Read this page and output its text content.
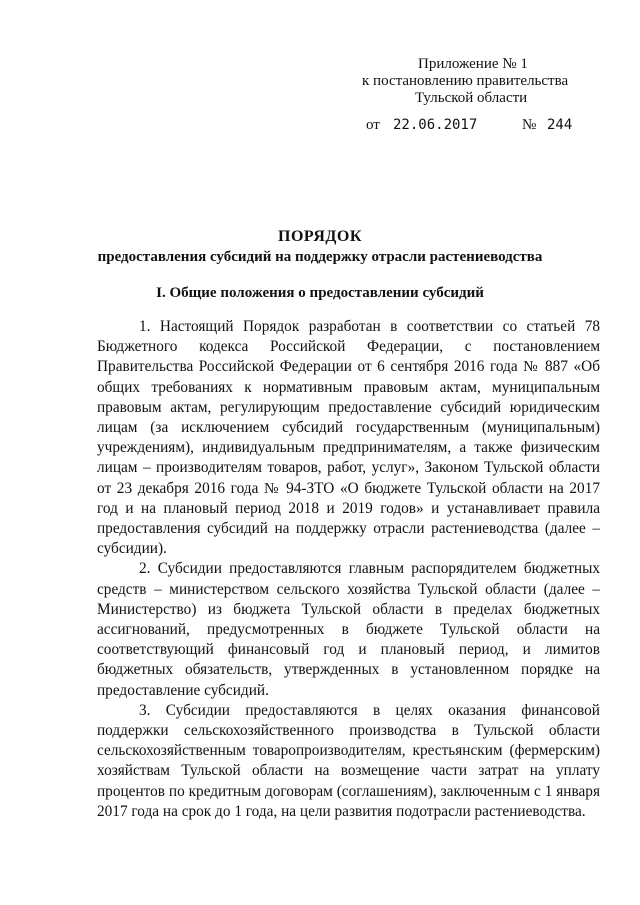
Приложение № 1
к постановлению правительства
Тульской области
от 22.06.2017	№ 244
ПОРЯДОК
предоставления субсидий на поддержку отрасли растениеводства
I. Общие положения о предоставлении субсидий

1. Настоящий Порядок разработан в соответствии со статьей 78 Бюджетного кодекса Российской Федерации, с постановлением Правительства Российской Федерации от 6 сентября 2016 года № 887 «Об общих требованиях к нормативным правовым актам, муниципальным правовым актам, регулирующим предоставление субсидий юридическим лицам (за исключением субсидий государственным (муниципальным) учреждениям), индивидуальным предпринимателям, а также физическим лицам – производителям товаров, работ, услуг», Законом Тульской области от 23 декабря 2016 года № 94-ЗТО «О бюджете Тульской области на 2017 год и на плановый период 2018 и 2019 годов» и устанавливает правила предоставления субсидий на поддержку отрасли растениеводства (далее – субсидии).

2. Субсидии предоставляются главным распорядителем бюджетных средств – министерством сельского хозяйства Тульской области (далее – Министерство) из бюджета Тульской области в пределах бюджетных ассигнований, предусмотренных в бюджете Тульской области на соответствующий финансовый год и плановый период, и лимитов бюджетных обязательств, утвержденных в установленном порядке на предоставление субсидий.

3. Субсидии предоставляются в целях оказания финансовой поддержки сельскохозяйственного производства в Тульской области сельскохозяйственным товаропроизводителям, крестьянским (фермерским) хозяйствам Тульской области на возмещение части затрат на уплату процентов по кредитным договорам (соглашениям), заключенным с 1 января 2017 года на срок до 1 года, на цели развития подотрасли растениеводства.
